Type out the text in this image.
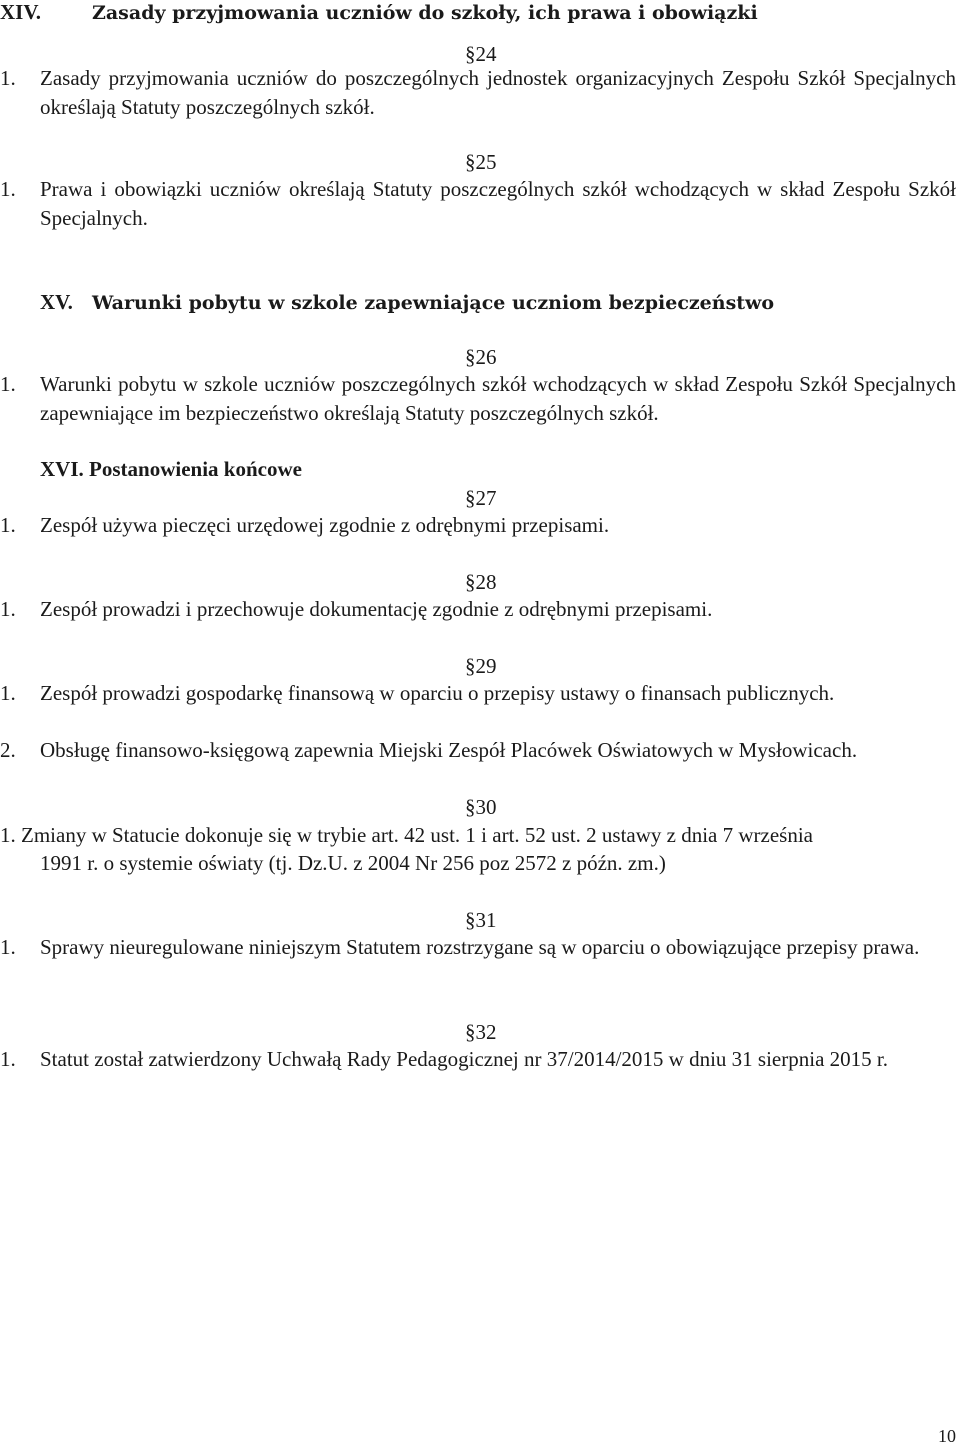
XIV.	Zasady przyjmowania uczniów do szkoły, ich prawa i obowiązki
§24
1. Zasady przyjmowania uczniów do poszczególnych jednostek organizacyjnych Zespołu Szkół Specjalnych określają Statuty poszczególnych szkół.
§25
1. Prawa i obowiązki uczniów określają Statuty poszczególnych szkół wchodzących w skład Zespołu Szkół Specjalnych.
XV. Warunki pobytu w szkole zapewniające uczniom bezpieczeństwo
§26
1. Warunki pobytu w szkole uczniów poszczególnych szkół wchodzących w skład Zespołu Szkół Specjalnych zapewniające im bezpieczeństwo określają Statuty poszczególnych szkół.
XVI. Postanowienia końcowe
§27
1. Zespół używa pieczęci urzędowej zgodnie z odrębnymi przepisami.
§28
1. Zespół prowadzi i przechowuje dokumentację zgodnie z odrębnymi przepisami.
§29
1. Zespół prowadzi gospodarkę finansową w oparciu o przepisy ustawy o finansach publicznych.
2. Obsługę finansowo-księgową zapewnia Miejski Zespół Placówek Oświatowych w Mysłowicach.
§30
1. Zmiany w Statucie dokonuje się w trybie art. 42 ust. 1 i art. 52 ust. 2 ustawy z dnia 7 września
1991 r. o systemie oświaty (tj. Dz.U. z 2004 Nr 256 poz 2572 z późn. zm.)
§31
1. Sprawy nieuregulowane niniejszym Statutem rozstrzygane są w oparciu o obowiązujące przepisy prawa.
§32
1. Statut został zatwierdzony Uchwałą Rady Pedagogicznej nr 37/2014/2015 w dniu 31 sierpnia 2015 r.
10
